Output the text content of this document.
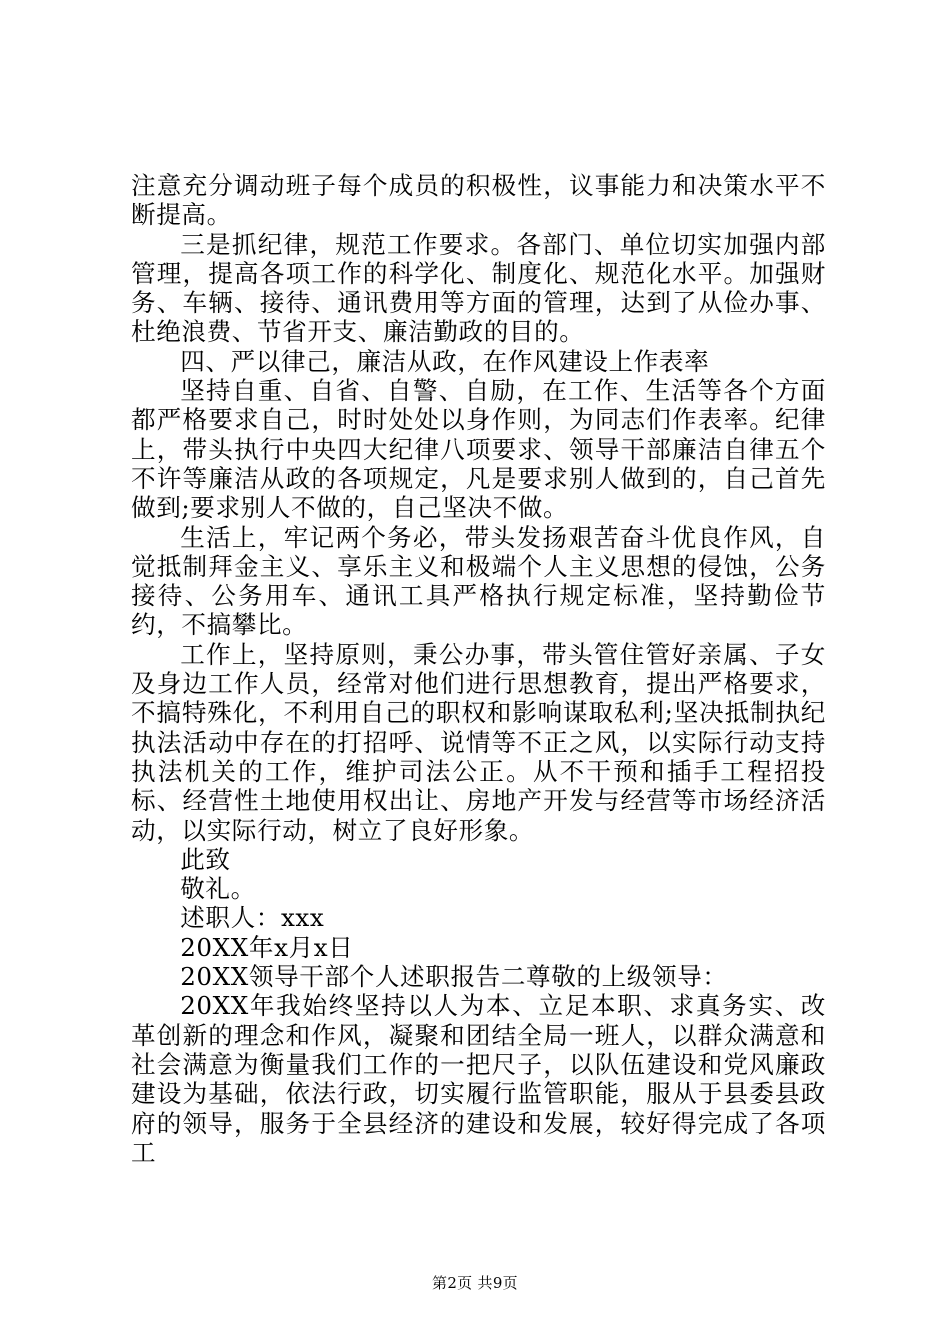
注意充分调动班子每个成员的积极性，议事能力和决策水平不断提高。

三是抓纪律，规范工作要求。各部门、单位切实加强内部管理，提高各项工作的科学化、制度化、规范化水平。加强财务、车辆、接待、通讯费用等方面的管理，达到了从俭办事、杜绝浪费、节省开支、廉洁勤政的目的。

四、严以律己，廉洁从政，在作风建设上作表率

坚持自重、自省、自警、自励，在工作、生活等各个方面都严格要求自己，时时处处以身作则，为同志们作表率。纪律上，带头执行中央四大纪律八项要求、领导干部廉洁自律五个不许等廉洁从政的各项规定，凡是要求别人做到的，自己首先做到;要求别人不做的，自己坚决不做。

生活上，牢记两个务必，带头发扬艰苦奋斗优良作风，自觉抵制拜金主义、享乐主义和极端个人主义思想的侵蚀，公务接待、公务用车、通讯工具严格执行规定标准，坚持勤俭节约，不搞攀比。

工作上，坚持原则，秉公办事，带头管住管好亲属、子女及身边工作人员，经常对他们进行思想教育，提出严格要求，不搞特殊化，不利用自己的职权和影响谋取私利;坚决抵制执纪执法活动中存在的打招呼、说情等不正之风，以实际行动支持执法机关的工作，维护司法公正。从不干预和插手工程招投标、经营性土地使用权出让、房地产开发与经营等市场经济活动，以实际行动，树立了良好形象。

此致

敬礼。

述职人：xxx

20XX年x月x日

20XX领导干部个人述职报告二尊敬的上级领导：

20XX年我始终坚持以人为本、立足本职、求真务实、改革创新的理念和作风，凝聚和团结全局一班人，以群众满意和社会满意为衡量我们工作的一把尺子，以队伍建设和党风廉政建设为基础，依法行政，切实履行监管职能，服从于县委县政府的领导，服务于全县经济的建设和发展，较好得完成了各项工

第2页 共9页
